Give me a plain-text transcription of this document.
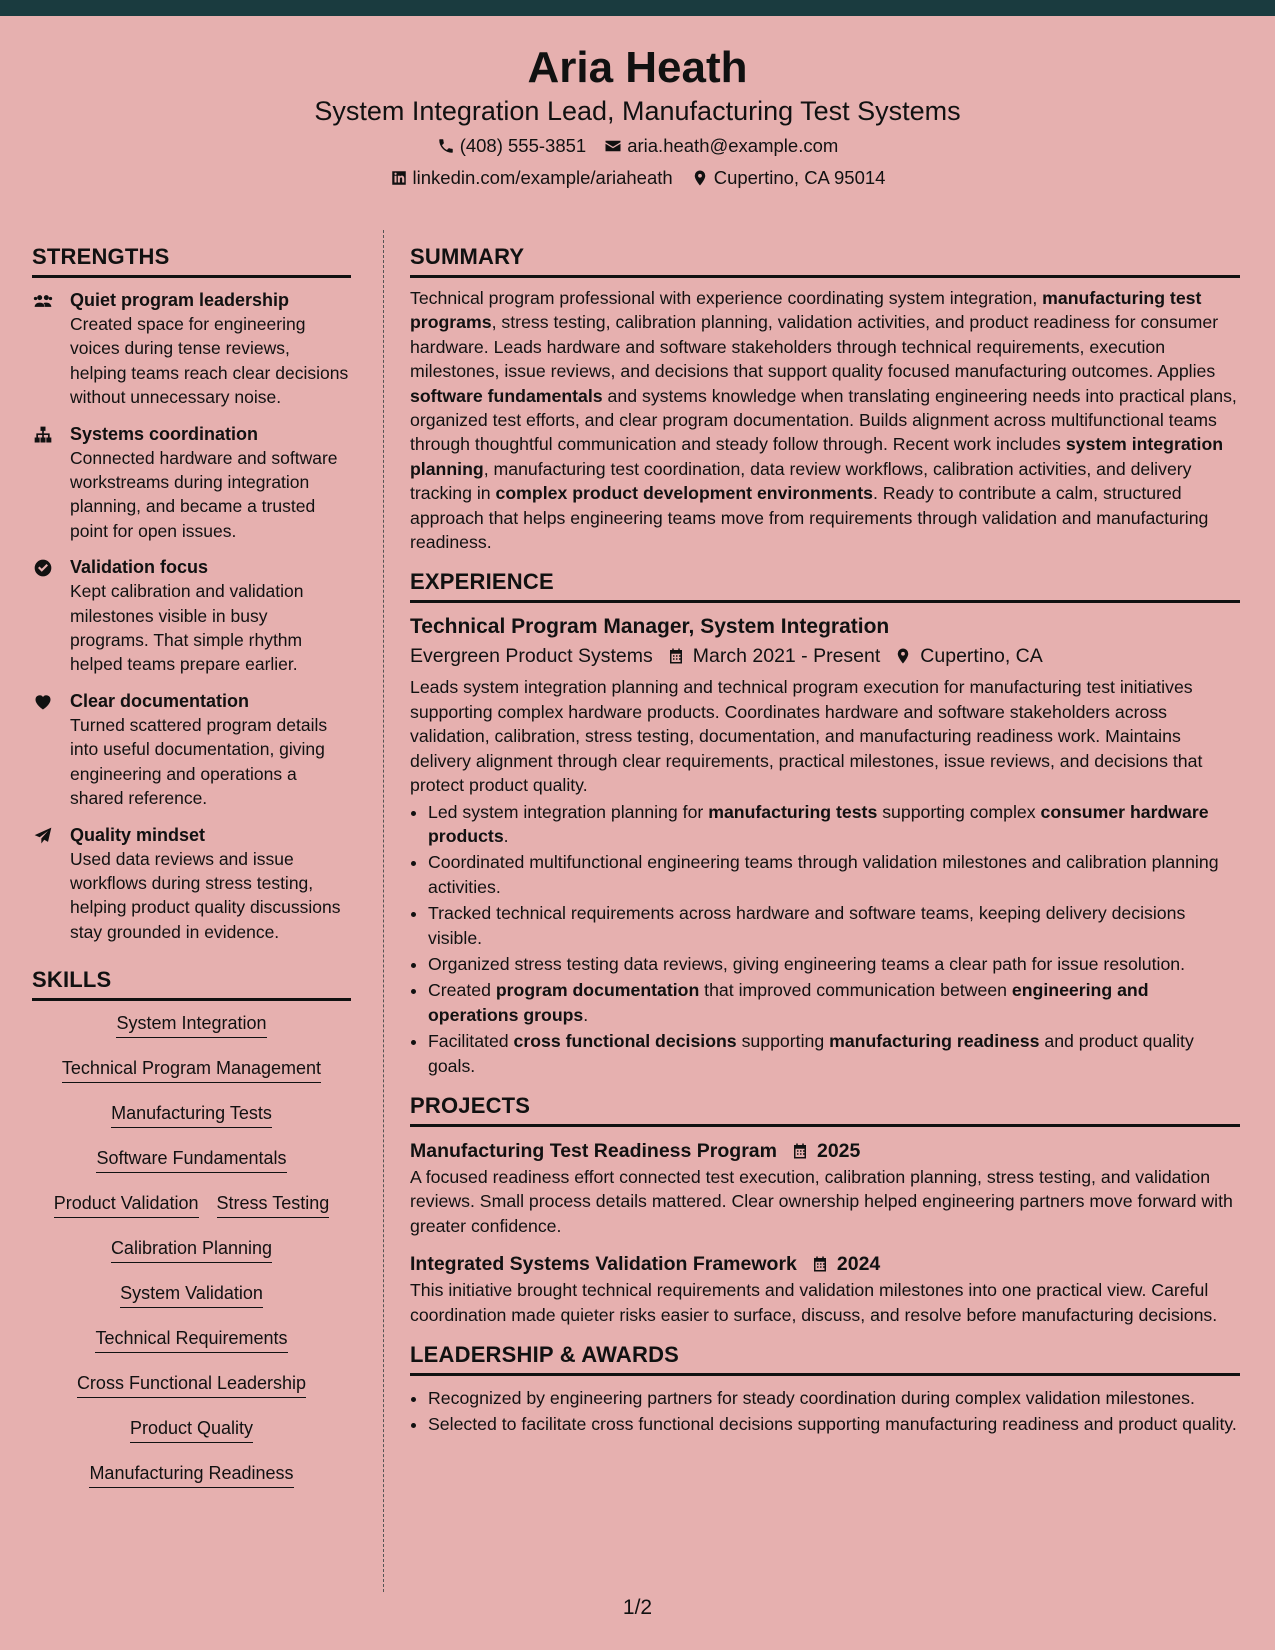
Aria Heath
System Integration Lead, Manufacturing Test Systems
(408) 555-3851 aria.heath@example.com
linkedin.com/example/ariaheath Cupertino, CA 95014
STRENGTHS
Quiet program leadership
Created space for engineering voices during tense reviews, helping teams reach clear decisions without unnecessary noise.
Systems coordination
Connected hardware and software workstreams during integration planning, and became a trusted point for open issues.
Validation focus
Kept calibration and validation milestones visible in busy programs. That simple rhythm helped teams prepare earlier.
Clear documentation
Turned scattered program details into useful documentation, giving engineering and operations a shared reference.
Quality mindset
Used data reviews and issue workflows during stress testing, helping product quality discussions stay grounded in evidence.
SKILLS
System Integration
Technical Program Management
Manufacturing Tests
Software Fundamentals
Product Validation Stress Testing
Calibration Planning
System Validation
Technical Requirements
Cross Functional Leadership
Product Quality
Manufacturing Readiness
SUMMARY
Technical program professional with experience coordinating system integration, manufacturing test programs, stress testing, calibration planning, validation activities, and product readiness for consumer hardware. Leads hardware and software stakeholders through technical requirements, execution milestones, issue reviews, and decisions that support quality focused manufacturing outcomes. Applies software fundamentals and systems knowledge when translating engineering needs into practical plans, organized test efforts, and clear program documentation. Builds alignment across multifunctional teams through thoughtful communication and steady follow through. Recent work includes system integration planning, manufacturing test coordination, data review workflows, calibration activities, and delivery tracking in complex product development environments. Ready to contribute a calm, structured approach that helps engineering teams move from requirements through validation and manufacturing readiness.
EXPERIENCE
Technical Program Manager, System Integration
Evergreen Product Systems March 2021 - Present Cupertino, CA
Leads system integration planning and technical program execution for manufacturing test initiatives supporting complex hardware products. Coordinates hardware and software stakeholders across validation, calibration, stress testing, documentation, and manufacturing readiness work. Maintains delivery alignment through clear requirements, practical milestones, issue reviews, and decisions that protect product quality.
• Led system integration planning for manufacturing tests supporting complex consumer hardware products.
• Coordinated multifunctional engineering teams through validation milestones and calibration planning activities.
• Tracked technical requirements across hardware and software teams, keeping delivery decisions visible.
• Organized stress testing data reviews, giving engineering teams a clear path for issue resolution.
• Created program documentation that improved communication between engineering and operations groups.
• Facilitated cross functional decisions supporting manufacturing readiness and product quality goals.
PROJECTS
Manufacturing Test Readiness Program 2025
A focused readiness effort connected test execution, calibration planning, stress testing, and validation reviews. Small process details mattered. Clear ownership helped engineering partners move forward with greater confidence.
Integrated Systems Validation Framework 2024
This initiative brought technical requirements and validation milestones into one practical view. Careful coordination made quieter risks easier to surface, discuss, and resolve before manufacturing decisions.
LEADERSHIP & AWARDS
• Recognized by engineering partners for steady coordination during complex validation milestones.
• Selected to facilitate cross functional decisions supporting manufacturing readiness and product quality.
1/2
